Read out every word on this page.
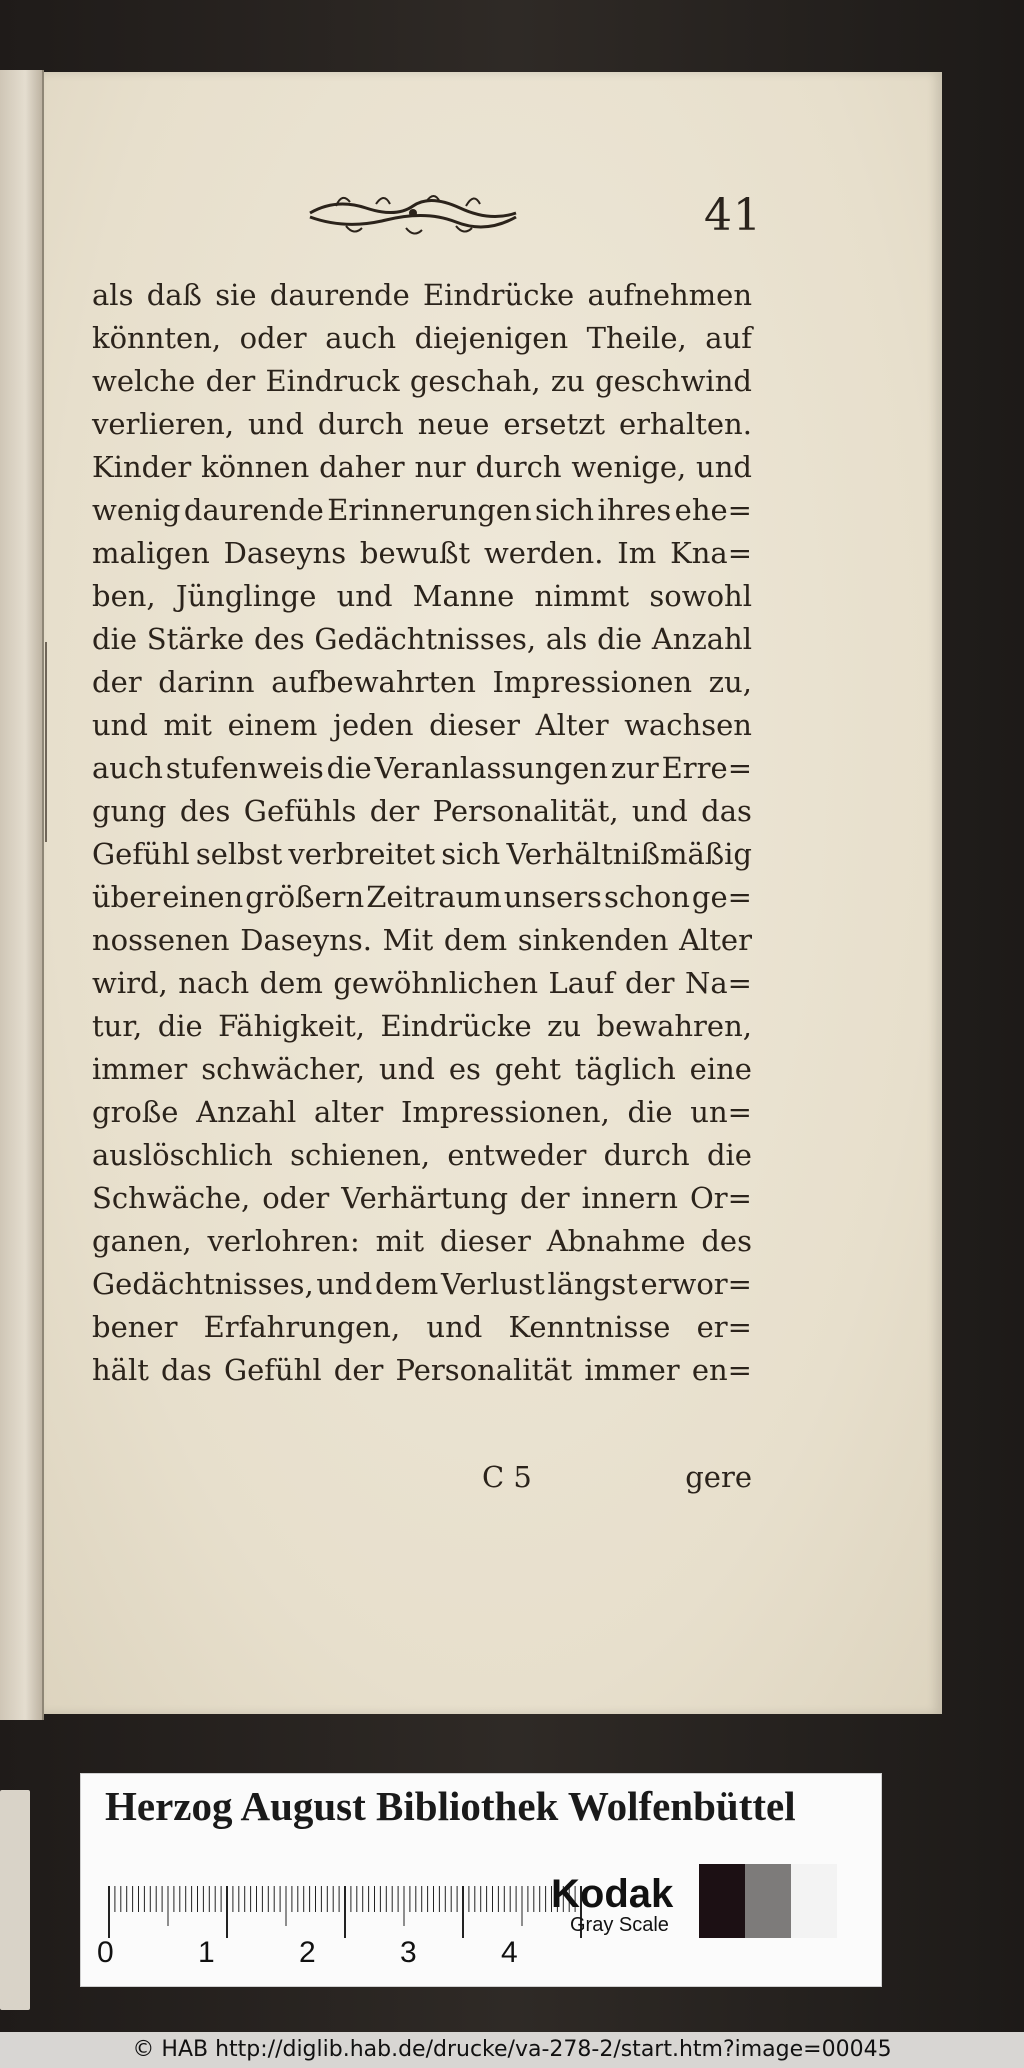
41
als daß sie daurende Eindrücke aufnehmen
könnten, oder auch diejenigen Theile, auf
welche der Eindruck geschah, zu geschwind
verlieren, und durch neue ersetzt erhalten.
Kinder können daher nur durch wenige, und
wenig daurende Erinnerungen sich ihres ehe=
maligen Daseyns bewußt werden. Im Kna=
ben, Jünglinge und Manne nimmt sowohl
die Stärke des Gedächtnisses, als die Anzahl
der darinn aufbewahrten Impressionen zu,
und mit einem jeden dieser Alter wachsen
auch stufenweis die Veranlassungen zur Erre=
gung des Gefühls der Personalität, und das
Gefühl selbst verbreitet sich Verhältnißmäßig
über einen größern Zeitraum unsers schon ge=
nossenen Daseyns. Mit dem sinkenden Alter
wird, nach dem gewöhnlichen Lauf der Na=
tur, die Fähigkeit, Eindrücke zu bewahren,
immer schwächer, und es geht täglich eine
große Anzahl alter Impressionen, die un=
auslöschlich schienen, entweder durch die
Schwäche, oder Verhärtung der innern Or=
ganen, verlohren: mit dieser Abnahme des
Gedächtnisses, und dem Verlust längst erwor=
bener Erfahrungen, und Kenntnisse er=
hält das Gefühl der Personalität immer en=
C 5	gere
Herzog August Bibliothek Wolfenbüttel
Kodak
Gray Scale
0	1	2	3	4
© HAB http://diglib.hab.de/drucke/va-278-2/start.htm?image=00045
